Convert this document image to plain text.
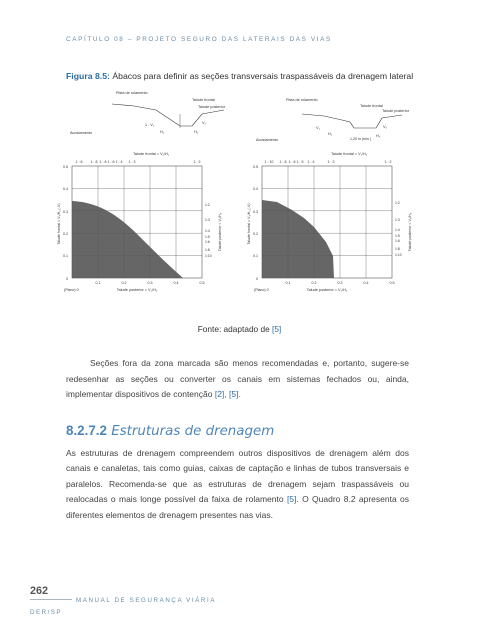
CAPÍTULO 08 – PROJETO SEGURO DAS LATERAIS DAS VIAS
Figura 8.5: Ábacos para definir as seções transversais traspassáveis da drenagem lateral
Pista de rolamento
Talude frontal
Talude posterior
1 : V₁
H₁
V₂
H₂
Acostamento
Talude frontal = V₁/H₁
1 : 6 1 : 8 1 : 8 1 : 6 1 : 4 1 : 3	1 : 2
0
0.1
0.2
0.3
0.4
0.5
Talude frontal = V₁/H₁ (-V)	1:2
1:3
1:4
1:5
1:6
1:8
1:10
Talude posterior = V₂/H₂
0.1	0.2	0.3	0.4	0.5
(Plano) 0	Talude posterior = V₂/H₂
Pista de rolamento
Talude frontal
Talude posterior
V₁
H₁
V₂
H₂
1,20 m (mín.)
Acostamento
Talude frontal = V₁/H₁
1 : 10 1 : 8 1 : 6 1 : 5 1 : 4	1 : 3	1 : 2
0
0.1
0.2
0.3
0.4
0.5
Talude frontal = V₁/H₁ (-V)
1:2
1:3
1:4
1:5
1:6
1:8
1:10
Talude posterior = V₂/H₂
0.1	0.2	0.3	0.4	0.5
(Plano) 0	Talude posterior = V₂/H₂
Fonte: adaptado de [5]
Seções fora da zona marcada são menos recomendadas e, portanto, sugere-se redesenhar as seções ou converter os canais em sistemas fechados ou, ainda, implementar dispositivos de contenção [2], [5].
8.2.7.2 Estruturas de drenagem
As estruturas de drenagem compreendem outros dispositivos de drenagem além dos canais e canaletas, tais como guias, caixas de captação e linhas de tubos transversais e paralelos. Recomenda-se que as estruturas de drenagem sejam traspassáveis ou realocadas o mais longe possível da faixa de rolamento [5]. O Quadro 8.2 apresenta os diferentes elementos de drenagem presentes nas vias.
262
MANUAL DE SEGURANÇA VIÁRIA
DER/SP
